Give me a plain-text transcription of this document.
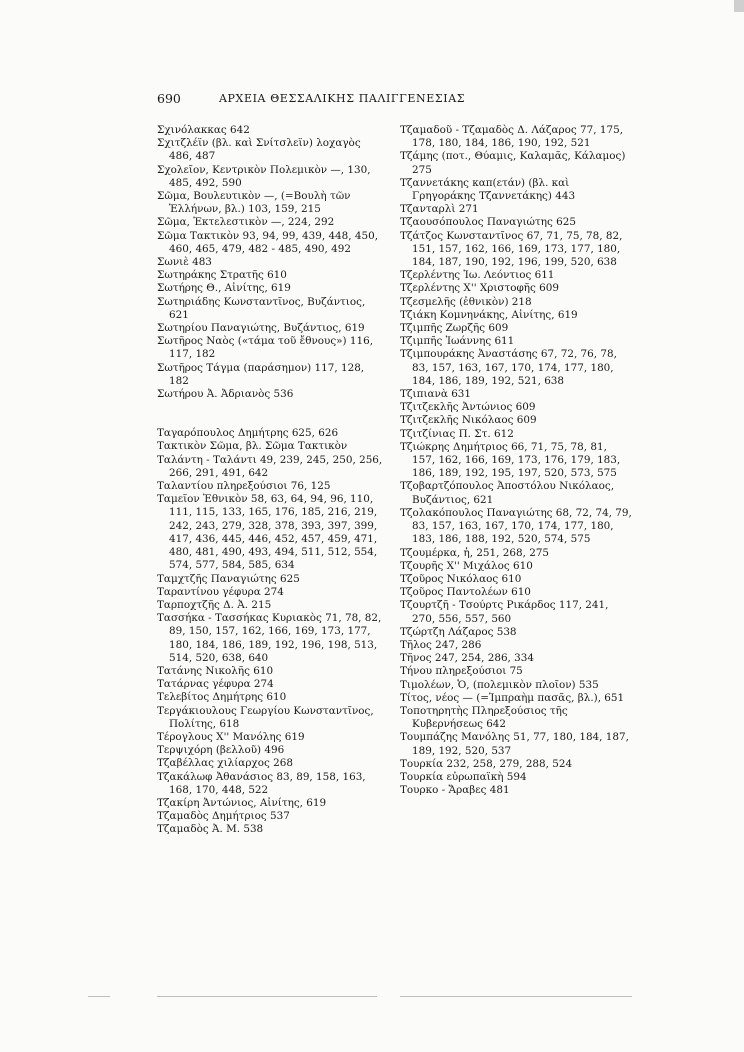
690	ΑΡΧΕΙΑ ΘΕΣΣΑΛΙΚΗΣ ΠΑΛΙΓΓΕΝΕΣΙΑΣ

Σχινόλακκας 642

Σχιτζλέϊν (βλ. καὶ Σνίτσλεϊν) λοχαγὸς 486, 487

Σχολεῖον, Κεντρικὸν Πολεμικὸν —, 130, 485, 492, 590

Σῶμα, Βουλευτικὸν —, (=Βουλὴ τῶν Ἑλλήνων, βλ.) 103, 159, 215

Σῶμα, Ἐκτελεστικὸν —, 224, 292

Σῶμα Τακτικὸν 93, 94, 99, 439, 448, 450, 460, 465, 479, 482 - 485, 490, 492

Σωνιὲ 483

Σωτηράκης Στρατῆς 610

Σωτήρης Θ., Αἰνίτης, 619

Σωτηριάδης Κωνσταντῖνος, Βυζάντιος, 621

Σωτηρίου Παναγιώτης, Βυζάντιος, 619

Σωτῆρος Ναὸς («τάμα τοῦ ἔθνους») 116, 117, 182

Σωτῆρος Τάγμα (παράσημον) 117, 128, 182

Σωτήρου Ἀ. Ἀδριανὸς 536

Ταγαρόπουλος Δημήτρης 625, 626

Τακτικὸν Σῶμα, βλ. Σῶμα Τακτικὸν

Ταλάντη - Ταλάντι 49, 239, 245, 250, 256, 266, 291, 491, 642

Ταλαντίου πληρεξούσιοι 76, 125

Ταμεῖον Ἐθνικὸν 58, 63, 64, 94, 96, 110, 111, 115, 133, 165, 176, 185, 216, 219, 242, 243, 279, 328, 378, 393, 397, 399, 417, 436, 445, 446, 452, 457, 459, 471, 480, 481, 490, 493, 494, 511, 512, 554, 574, 577, 584, 585, 634

Ταμχτζῆς Παναγιώτης 625

Ταραντίνου γέφυρα 274

Ταρποχτζῆς Δ. Ἀ. 215

Τασσήκα - Τασσήκας Κυριακὸς 71, 78, 82, 89, 150, 157, 162, 166, 169, 173, 177, 180, 184, 186, 189, 192, 196, 198, 513, 514, 520, 638, 640

Τατάνης Νικολῆς 610

Τατάρνας γέφυρα 274

Τελεβίτος Δημήτρης 610

Τεργάκιουλους Γεωργίου Κωνσταντῖνος, Πολίτης, 618

Τέρογλους Χ'' Μανόλης 619

Τερψιχόρη (βελλοῦ) 496

Τζαβέλλας χιλίαρχος 268

Τζακάλωφ Ἀθανάσιος 83, 89, 158, 163, 168, 170, 448, 522

Τζακίρη Ἀντώνιος, Αἰνίτης, 619

Τζαμαδὸς Δημήτριος 537

Τζαμαδὸς Ἀ. Μ. 538

Τζαμαδοῦ - Τζαμαδὸς Δ. Λάζαρος 77, 175, 178, 180, 184, 186, 190, 192, 521

Τζάμης (ποτ., Θύαμις, Καλαμᾶς, Κάλαμος) 275

Τζαννετάκης καπ(ετάν) (βλ. καὶ Γρηγοράκης Τζαννετάκης) 443

Τζανταρλὶ 271

Τζαουσόπουλος Παναγιώτης 625

Τζάτζος Κωνσταντῖνος 67, 71, 75, 78, 82, 151, 157, 162, 166, 169, 173, 177, 180, 184, 187, 190, 192, 196, 199, 520, 638

Τζερλέντης Ἰω. Λεόντιος 611

Τζερλέντης Χ'' Χριστοφῆς 609

Τζεσμελῆς (ἐθνικὸν) 218

Τζιάκη Κομνηνάκης, Αἰνίτης, 619

Τζιμπῆς Ζωρζῆς 609

Τζιμπῆς Ἰωάννης 611

Τζιμπουράκης Ἀναστάσης 67, 72, 76, 78, 83, 157, 163, 167, 170, 174, 177, 180, 184, 186, 189, 192, 521, 638

Τζιπιανὰ 631

Τζιτζεκλῆς Ἀντώνιος 609

Τζιτζεκλῆς Νικόλαος 609

Τζιτζίνιας Π. Στ. 612

Τζιώκρης Δημήτριος 66, 71, 75, 78, 81, 157, 162, 166, 169, 173, 176, 179, 183, 186, 189, 192, 195, 197, 520, 573, 575

Τζοβαρτζόπουλος Ἀποστόλου Νικόλαος, Βυζάντιος, 621

Τζολακόπουλος Παναγιώτης 68, 72, 74, 79, 83, 157, 163, 167, 170, 174, 177, 180, 183, 186, 188, 192, 520, 574, 575

Τζουμέρκα, ἡ, 251, 268, 275

Τζουρῆς Χ'' Μιχάλος 610

Τζοῦρος Νικόλαος 610

Τζοῦρος Παντολέων 610

Τζουρτζῆ - Τσούρτς Ρικάρδος 117, 241, 270, 556, 557, 560

Τζώρτζη Λάζαρος 538

Τῆλος 247, 286

Τῆνος 247, 254, 286, 334

Τήνου πληρεξούσιοι 75

Τιμολέων, Ὁ, (πολεμικὸν πλοῖον) 535

Τίτος, νέος — (=Ἰμπραὴμ πασᾶς, βλ.), 651

Τοποτηρητὴς Πληρεξούσιος τῆς Κυβερνήσεως 642

Τουμπάζης Μανόλης 51, 77, 180, 184, 187, 189, 192, 520, 537

Τουρκία 232, 258, 279, 288, 524

Τουρκία εὐρωπαϊκὴ 594

Τουρκο - Ἄραβες 481
